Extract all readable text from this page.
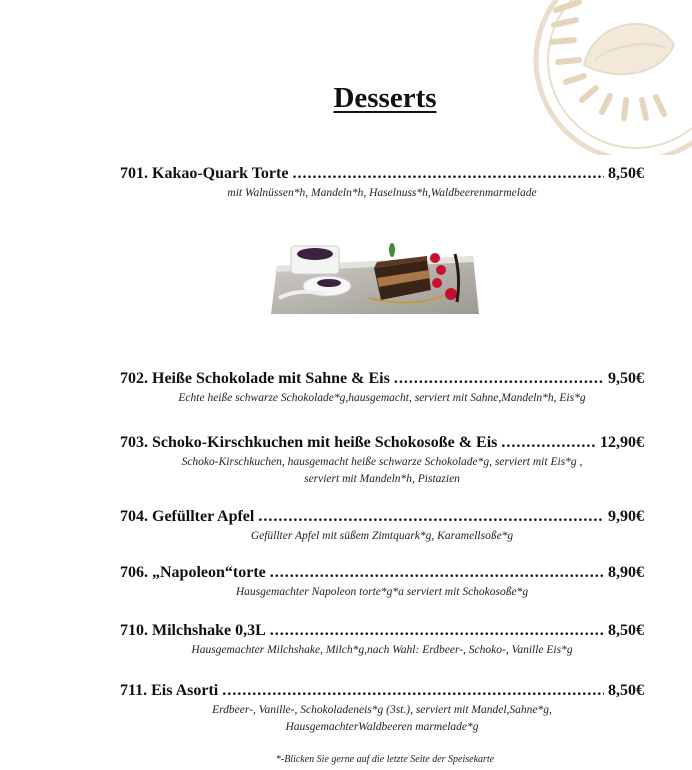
Desserts
701. Kakao-Quark Torte .....	8,50€
mit Walnüssen*h, Mandeln*h, Haselnuss*h,Waldbeerenmarmelade
702. Heiße Schokolade mit Sahne & Eis .....	9,50€
Echte heiße schwarze Schokolade*g,hausgemacht, serviert mit Sahne,Mandeln*h, Eis*g
703. Schoko-Kirschkuchen mit heiße Schokosoße & Eis .....	12,90€
Schoko-Kirschkuchen, hausgemacht heiße schwarze Schokolade*g, serviert mit Eis*g ,
serviert mit Mandeln*h, Pistazien
704. Gefüllter Apfel .....	9,90€
Gefüllter Apfel mit süßem Zimtquark*g, Karamellsoße*g
706. „Napoleon“torte .....	8,90€
Hausgemachter Napoleon torte*g*a serviert mit Schokosoße*g
710. Milchshake 0,3L .....	8,50€
Hausgemachter Milchshake, Milch*g,nach Wahl: Erdbeer-, Schoko-, Vanille Eis*g
711. Eis Asorti .....	8,50€
Erdbeer-, Vanille-, Schokoladeneis*g (3st.), serviert mit Mandel,Sahne*g,
HausgemachterWaldbeeren marmelade*g
*-Blicken Sie gerne auf die letzte Seite der Speisekarte
